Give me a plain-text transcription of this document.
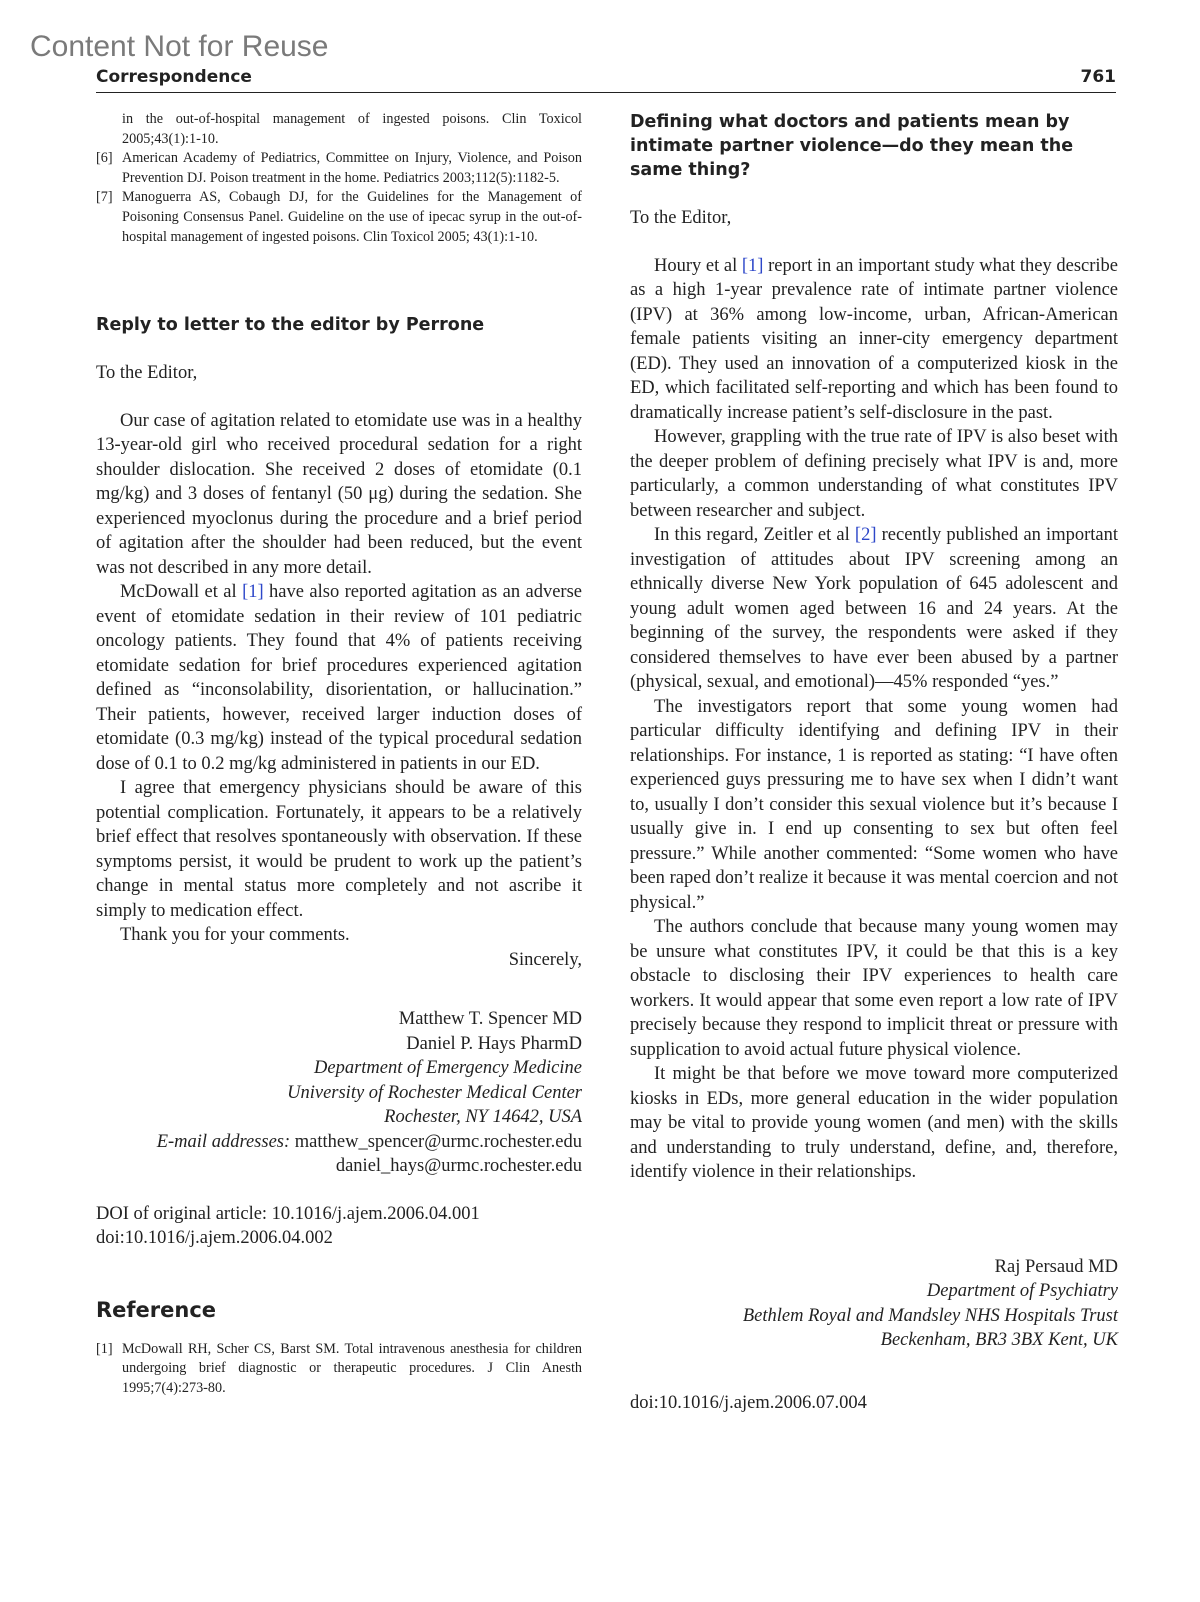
Content Not for Reuse
Correspondence	761
in the out-of-hospital management of ingested poisons. Clin Toxicol 2005;43(1):1-10.
[6] American Academy of Pediatrics, Committee on Injury, Violence, and Poison Prevention DJ. Poison treatment in the home. Pediatrics 2003;112(5):1182-5.
[7] Manoguerra AS, Cobaugh DJ, for the Guidelines for the Management of Poisoning Consensus Panel. Guideline on the use of ipecac syrup in the out-of-hospital management of ingested poisons. Clin Toxicol 2005; 43(1):1-10.
Reply to letter to the editor by Perrone

To the Editor,

Our case of agitation related to etomidate use was in a healthy 13-year-old girl who received procedural sedation for a right shoulder dislocation. She received 2 doses of etomidate (0.1 mg/kg) and 3 doses of fentanyl (50 μg) during the sedation. She experienced myoclonus during the procedure and a brief period of agitation after the shoulder had been reduced, but the event was not described in any more detail.

McDowall et al [1] have also reported agitation as an adverse event of etomidate sedation in their review of 101 pediatric oncology patients. They found that 4% of patients receiving etomidate sedation for brief procedures experienced agitation defined as “inconsolability, disorientation, or hallucination.” Their patients, however, received larger induction doses of etomidate (0.3 mg/kg) instead of the typical procedural sedation dose of 0.1 to 0.2 mg/kg administered in patients in our ED.

I agree that emergency physicians should be aware of this potential complication. Fortunately, it appears to be a relatively brief effect that resolves spontaneously with observation. If these symptoms persist, it would be prudent to work up the patient’s change in mental status more completely and not ascribe it simply to medication effect.

Thank you for your comments.

Sincerely,
Matthew T. Spencer MD
Daniel P. Hays PharmD
Department of Emergency Medicine
University of Rochester Medical Center
Rochester, NY 14642, USA
E-mail addresses: matthew_spencer@urmc.rochester.edu
daniel_hays@urmc.rochester.edu

DOI of original article: 10.1016/j.ajem.2006.04.001

doi:10.1016/j.ajem.2006.04.002

Reference
[1] McDowall RH, Scher CS, Barst SM. Total intravenous anesthesia for children undergoing brief diagnostic or therapeutic procedures. J Clin Anesth 1995;7(4):273-80.
Defining what doctors and patients mean by intimate partner violence—do they mean the same thing?

To the Editor,

Houry et al [1] report in an important study what they describe as a high 1-year prevalence rate of intimate partner violence (IPV) at 36% among low-income, urban, African-American female patients visiting an inner-city emergency department (ED). They used an innovation of a computerized kiosk in the ED, which facilitated self-reporting and which has been found to dramatically increase patient’s self-disclosure in the past.

However, grappling with the true rate of IPV is also beset with the deeper problem of defining precisely what IPV is and, more particularly, a common understanding of what constitutes IPV between researcher and subject.

In this regard, Zeitler et al [2] recently published an important investigation of attitudes about IPV screening among an ethnically diverse New York population of 645 adolescent and young adult women aged between 16 and 24 years. At the beginning of the survey, the respondents were asked if they considered themselves to have ever been abused by a partner (physical, sexual, and emotional)—45% responded “yes.”

The investigators report that some young women had particular difficulty identifying and defining IPV in their relationships. For instance, 1 is reported as stating: “I have often experienced guys pressuring me to have sex when I didn’t want to, usually I don’t consider this sexual violence but it’s because I usually give in. I end up consenting to sex but often feel pressure.” While another commented: “Some women who have been raped don’t realize it because it was mental coercion and not physical.”

The authors conclude that because many young women may be unsure what constitutes IPV, it could be that this is a key obstacle to disclosing their IPV experiences to health care workers. It would appear that some even report a low rate of IPV precisely because they respond to implicit threat or pressure with supplication to avoid actual future physical violence.

It might be that before we move toward more computerized kiosks in EDs, more general education in the wider population may be vital to provide young women (and men) with the skills and understanding to truly understand, define, and, therefore, identify violence in their relationships.

Raj Persaud MD
Department of Psychiatry
Bethlem Royal and Mandsley NHS Hospitals Trust
Beckenham, BR3 3BX Kent, UK

doi:10.1016/j.ajem.2006.07.004
